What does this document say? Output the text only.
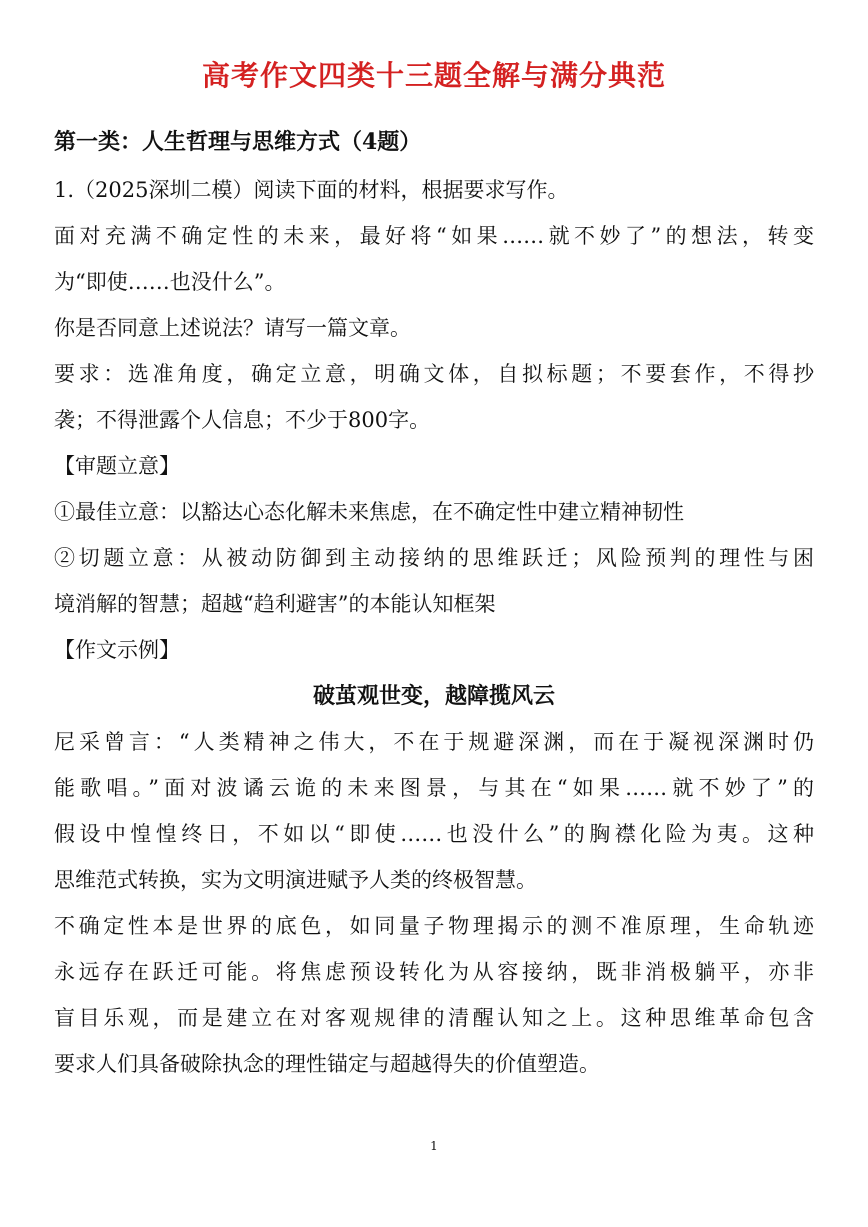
高考作文四类十三题全解与满分典范
第一类：人生哲理与思维方式（4题）
1.（2025深圳二模）阅读下面的材料，根据要求写作。
面对充满不确定性的未来，最好将“如果……就不妙了”的想法，转变
为“即使……也没什么”。
你是否同意上述说法？请写一篇文章。
要求：选准角度，确定立意，明确文体，自拟标题；不要套作，不得抄
袭；不得泄露个人信息；不少于800字。
【审题立意】
①最佳立意：以豁达心态化解未来焦虑，在不确定性中建立精神韧性
②切题立意：从被动防御到主动接纳的思维跃迁；风险预判的理性与困
境消解的智慧；超越“趋利避害”的本能认知框架
【作文示例】
破茧观世变，越障揽风云
尼采曾言：“人类精神之伟大，不在于规避深渊，而在于凝视深渊时仍
能歌唱。”面对波谲云诡的未来图景，与其在“如果……就不妙了”的
假设中惶惶终日，不如以“即使……也没什么”的胸襟化险为夷。这种
思维范式转换，实为文明演进赋予人类的终极智慧。
不确定性本是世界的底色，如同量子物理揭示的测不准原理，生命轨迹
永远存在跃迁可能。将焦虑预设转化为从容接纳，既非消极躺平，亦非
盲目乐观，而是建立在对客观规律的清醒认知之上。这种思维革命包含
要求人们具备破除执念的理性锚定与超越得失的价值塑造。
1
